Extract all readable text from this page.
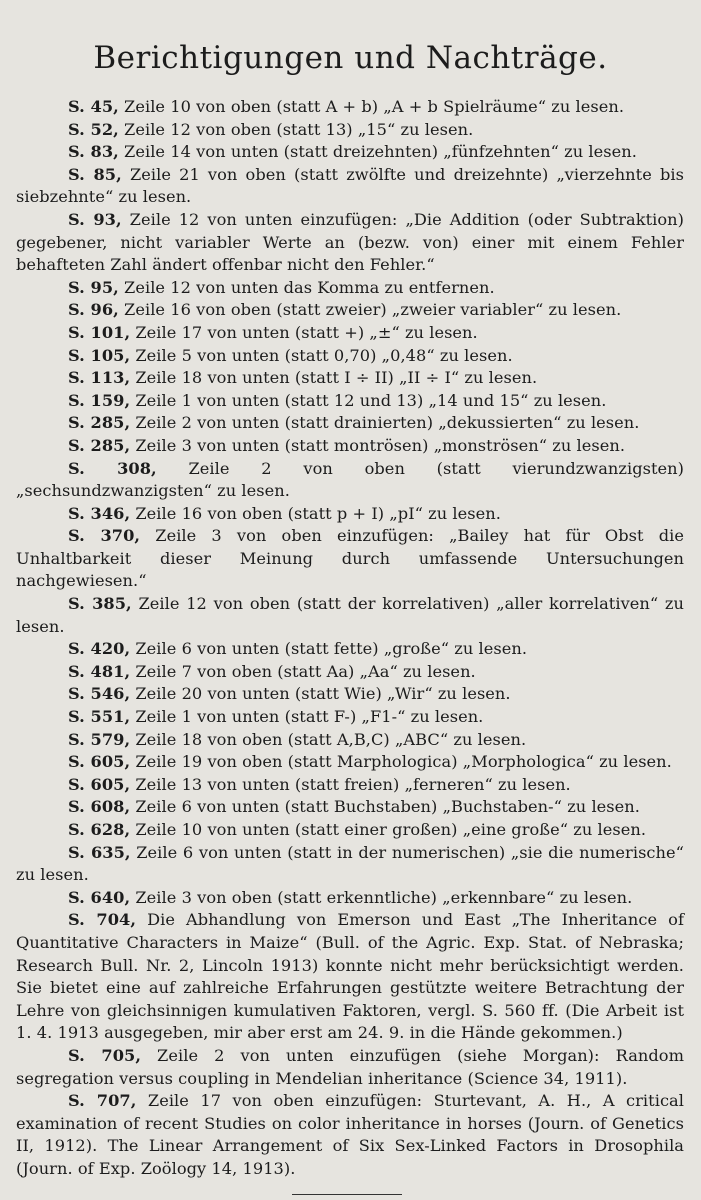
Berichtigungen und Nachträge.

S. 45, Zeile 10 von oben (statt A + b) „A + b Spielräume“ zu lesen.

S. 52, Zeile 12 von oben (statt 13) „15“ zu lesen.

S. 83, Zeile 14 von unten (statt dreizehnten) „fünfzehnten“ zu lesen.

S. 85, Zeile 21 von oben (statt zwölfte und dreizehnte) „vierzehnte bis siebzehnte“ zu lesen.

S. 93, Zeile 12 von unten einzufügen: „Die Addition (oder Subtraktion) gegebener, nicht variabler Werte an (bezw. von) einer mit einem Fehler behafteten Zahl ändert offenbar nicht den Fehler.“

S. 95, Zeile 12 von unten das Komma zu entfernen.

S. 96, Zeile 16 von oben (statt zweier) „zweier variabler“ zu lesen.

S. 101, Zeile 17 von unten (statt +) „±“ zu lesen.

S. 105, Zeile 5 von unten (statt 0,70) „0,48“ zu lesen.

S. 113, Zeile 18 von unten (statt I ÷ II) „II ÷ I“ zu lesen.

S. 159, Zeile 1 von unten (statt 12 und 13) „14 und 15“ zu lesen.

S. 285, Zeile 2 von unten (statt drainierten) „dekussierten“ zu lesen.

S. 285, Zeile 3 von unten (statt montrösen) „monströsen“ zu lesen.

S. 308, Zeile 2 von oben (statt vierundzwanzigsten) „sechsundzwanzigsten“ zu lesen.

S. 346, Zeile 16 von oben (statt p + I) „pI“ zu lesen.

S. 370, Zeile 3 von oben einzufügen: „Bailey hat für Obst die Unhaltbarkeit dieser Meinung durch umfassende Untersuchungen nachgewiesen.“

S. 385, Zeile 12 von oben (statt der korrelativen) „aller korrelativen“ zu lesen.

S. 420, Zeile 6 von unten (statt fette) „große“ zu lesen.

S. 481, Zeile 7 von oben (statt Aa) „Aa“ zu lesen.

S. 546, Zeile 20 von unten (statt Wie) „Wir“ zu lesen.

S. 551, Zeile 1 von unten (statt F-) „F1-“ zu lesen.

S. 579, Zeile 18 von oben (statt A,B,C) „ABC“ zu lesen.

S. 605, Zeile 19 von oben (statt Marphologica) „Morphologica“ zu lesen.

S. 605, Zeile 13 von unten (statt freien) „ferneren“ zu lesen.

S. 608, Zeile 6 von unten (statt Buchstaben) „Buchstaben-“ zu lesen.

S. 628, Zeile 10 von unten (statt einer großen) „eine große“ zu lesen.

S. 635, Zeile 6 von unten (statt in der numerischen) „sie die numerische“ zu lesen.

S. 640, Zeile 3 von oben (statt erkenntliche) „erkennbare“ zu lesen.

S. 704, Die Abhandlung von Emerson und East „The Inheritance of Quantitative Characters in Maize“ (Bull. of the Agric. Exp. Stat. of Nebraska; Research Bull. Nr. 2, Lincoln 1913) konnte nicht mehr berücksichtigt werden. Sie bietet eine auf zahlreiche Erfahrungen gestützte weitere Betrachtung der Lehre von gleichsinnigen kumulativen Faktoren, vergl. S. 560 ff. (Die Arbeit ist 1. 4. 1913 ausgegeben, mir aber erst am 24. 9. in die Hände gekommen.)

S. 705, Zeile 2 von unten einzufügen (siehe Morgan): Random segregation versus coupling in Mendelian inheritance (Science 34, 1911).

S. 707, Zeile 17 von oben einzufügen: Sturtevant, A. H., A critical examination of recent Studies on color inheritance in horses (Journ. of Genetics II, 1912). The Linear Arrangement of Six Sex-Linked Factors in Drosophila (Journ. of Exp. Zoölogy 14, 1913).
